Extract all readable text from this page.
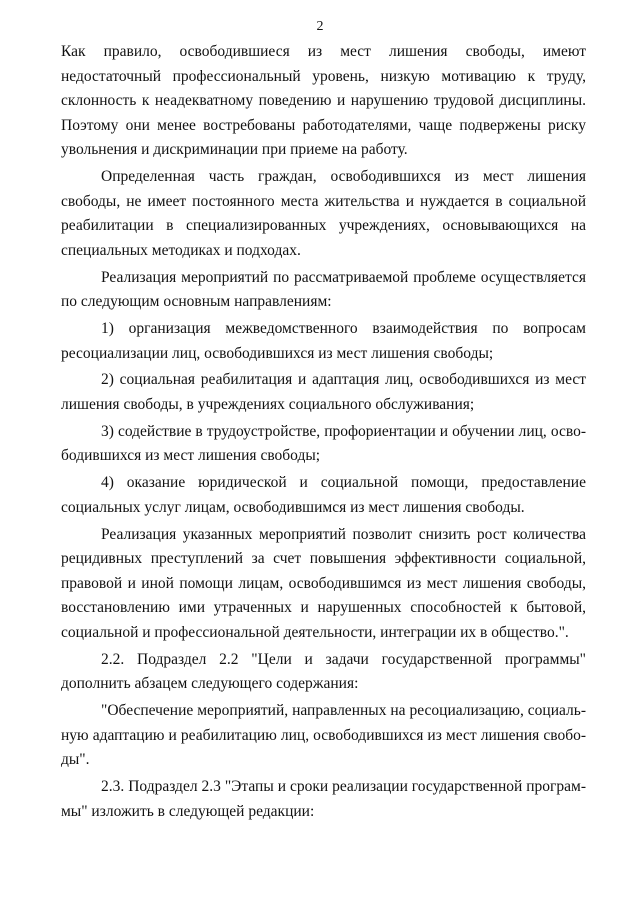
2

Как правило, освободившиеся из мест лишения свободы, имеют недостаточный профессиональный уровень, низкую мотивацию к труду, склонность к неадекватному поведению и нарушению трудовой дисциплины. Поэтому они менее востребованы работодателями, чаще подвержены риску увольнения и дискриминации при приеме на работу.

Определенная часть граждан, освободившихся из мест лишения свободы, не имеет постоянного места жительства и нуждается в социальной реабилитации в специализированных учреждениях, основывающихся на специальных методиках и подходах.

Реализация мероприятий по рассматриваемой проблеме осуществляется по следующим основным направлениям:

1) организация межведомственного взаимодействия по вопросам ресоциализации лиц, освободившихся из мест лишения свободы;

2) социальная реабилитация и адаптация лиц, освободившихся из мест лишения свободы, в учреждениях социального обслуживания;

3) содействие в трудоустройстве, профориентации и обучении лиц, освободившихся из мест лишения свободы;

4) оказание юридической и социальной помощи, предоставление социальных услуг лицам, освободившимся из мест лишения свободы.

Реализация указанных мероприятий позволит снизить рост количества рецидивных преступлений за счет повышения эффективности социальной, правовой и иной помощи лицам, освободившимся из мест лишения свободы, восстановлению ими утраченных и нарушенных способностей к бытовой, социальной и профессиональной деятельности, интеграции их в общество.".

2.2. Подраздел 2.2 "Цели и задачи государственной программы" дополнить абзацем следующего содержания:

"Обеспечение мероприятий, направленных на ресоциализацию, социальную адаптацию и реабилитацию лиц, освободившихся из мест лишения свободы".

2.3. Подраздел 2.3 "Этапы и сроки реализации государственной программы" изложить в следующей редакции:
